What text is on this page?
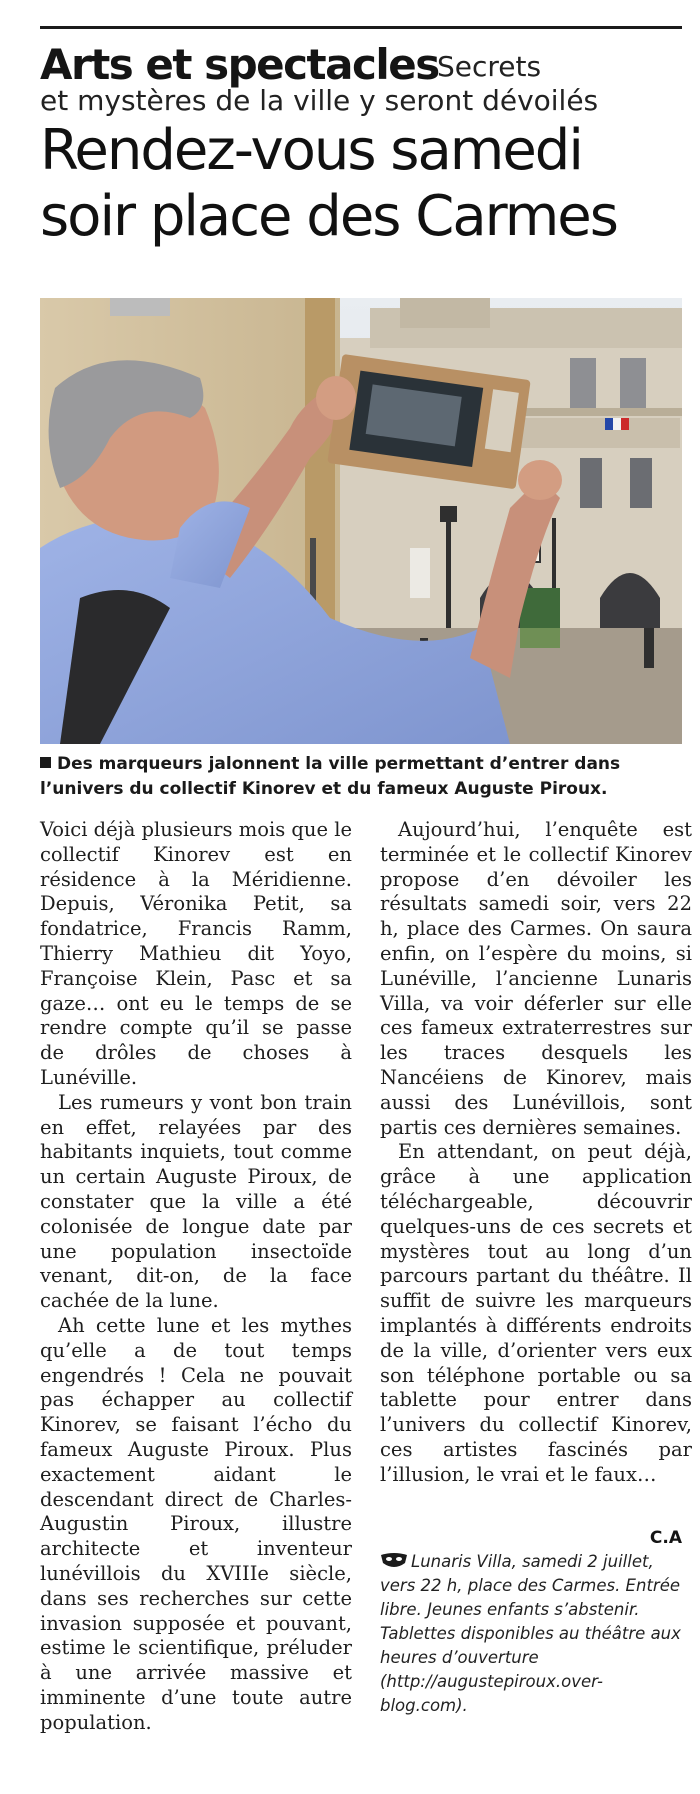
Arts et spectacles
Secrets
et mystères de la ville y seront dévoilés
Rendez-vous samedi
soir place des Carmes
Des marqueurs jalonnent la ville permettant d’entrer dans
l’univers du collectif Kinorev et du fameux Auguste Piroux.

Voici déjà plusieurs mois que le collectif Kinorev est en résidence à la Méridienne. Depuis, Véronika Petit, sa fondatrice, Francis Ramm, Thierry Mathieu dit Yoyo, Françoise Klein, Pasc et sa gaze… ont eu le temps de se rendre compte qu’il se passe de drôles de choses à Lunéville.

Les rumeurs y vont bon train en effet, relayées par des habitants inquiets, tout comme un certain Auguste Piroux, de constater que la ville a été colonisée de longue date par une population insectoïde venant, dit-on, de la face cachée de la lune.

Ah cette lune et les mythes qu’elle a de tout temps engendrés ! Cela ne pouvait pas échapper au collectif Kinorev, se faisant l’écho du fameux Auguste Piroux. Plus exactement aidant le descendant direct de Charles-Augustin Piroux, illustre architecte et inventeur lunévillois du XVIIIe siècle, dans ses recherches sur cette invasion supposée et pouvant, estime le scientifique, préluder à une arrivée massive et imminente d’une toute autre population.

Aujourd’hui, l’enquête est terminée et le collectif Kinorev propose d’en dévoiler les résultats samedi soir, vers 22 h, place des Carmes. On saura enfin, on l’espère du moins, si Lunéville, l’ancienne Lunaris Villa, va voir déferler sur elle ces fameux extraterrestres sur les traces desquels les Nancéiens de Kinorev, mais aussi des Lunévillois, sont partis ces dernières semaines.

En attendant, on peut déjà, grâce à une application téléchargeable, découvrir quelques-uns de ces secrets et mystères tout au long d’un parcours partant du théâtre. Il suffit de suivre les marqueurs implantés à différents endroits de la ville, d’orienter vers eux son téléphone portable ou sa tablette pour entrer dans l’univers du collectif Kinorev, ces artistes fascinés par l’illusion, le vrai et le faux…

C.A
Lunaris Villa, samedi 2 juillet, vers 22 h, place des Carmes. Entrée libre. Jeunes enfants s’abstenir. Tablettes disponibles au théâtre aux heures d’ouverture (http://augustepiroux.over-blog.com).
